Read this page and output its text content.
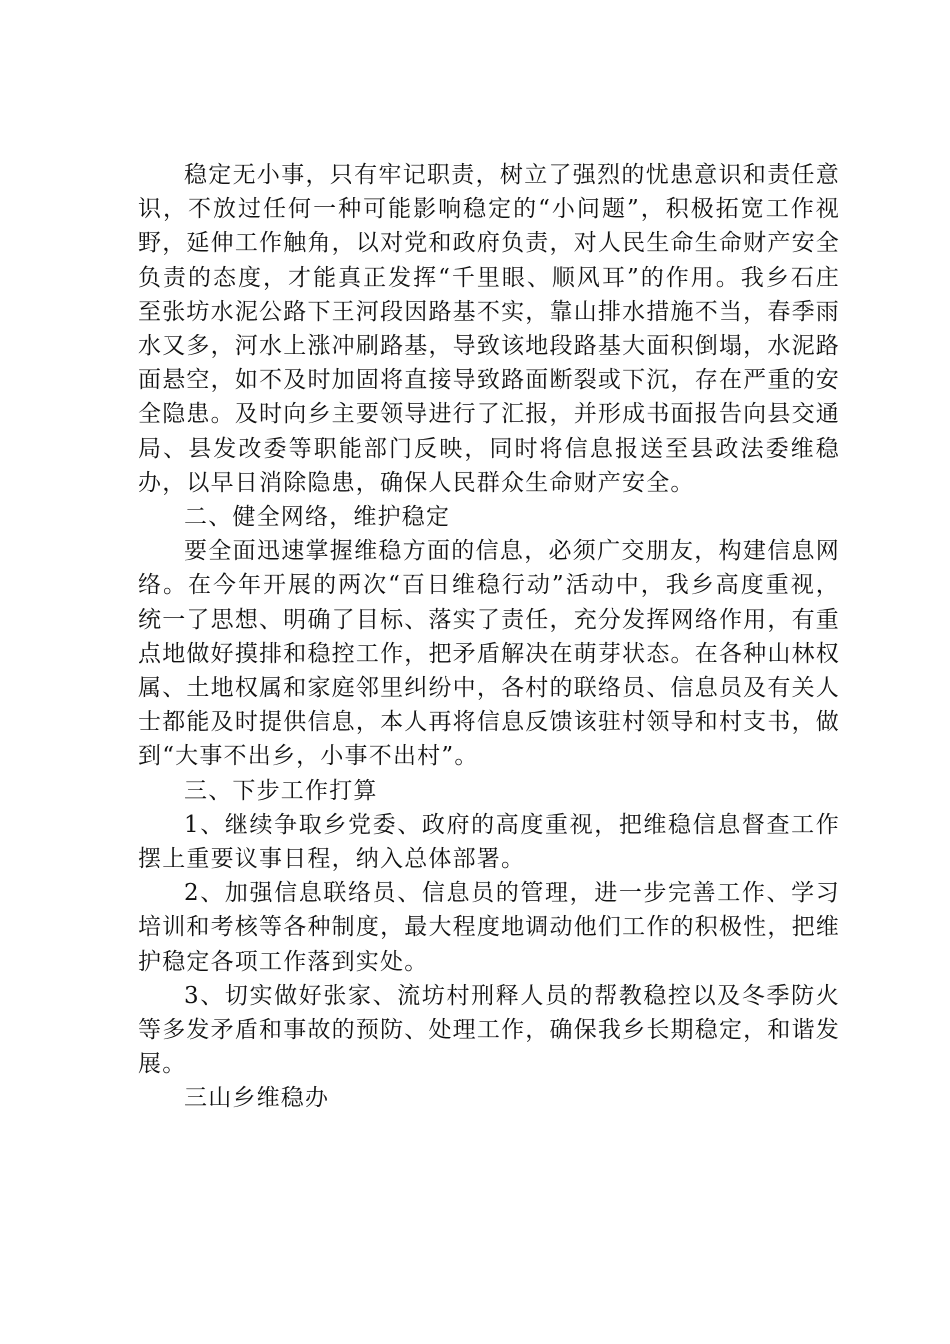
稳定无小事，只有牢记职责，树立了强烈的忧患意识和责任意识，不放过任何一种可能影响稳定的“小问题”，积极拓宽工作视野，延伸工作触角，以对党和政府负责，对人民生命生命财产安全负责的态度，才能真正发挥“千里眼、顺风耳”的作用。我乡石庄至张坊水泥公路下王河段因路基不实，靠山排水措施不当，春季雨水又多，河水上涨冲刷路基，导致该地段路基大面积倒塌，水泥路面悬空，如不及时加固将直接导致路面断裂或下沉，存在严重的安全隐患。及时向乡主要领导进行了汇报，并形成书面报告向县交通局、县发改委等职能部门反映，同时将信息报送至县政法委维稳办，以早日消除隐患，确保人民群众生命财产安全。

二、健全网络，维护稳定

要全面迅速掌握维稳方面的信息，必须广交朋友，构建信息网络。在今年开展的两次“百日维稳行动”活动中，我乡高度重视，统一了思想、明确了目标、落实了责任，充分发挥网络作用，有重点地做好摸排和稳控工作，把矛盾解决在萌芽状态。在各种山林权属、土地权属和家庭邻里纠纷中，各村的联络员、信息员及有关人士都能及时提供信息，本人再将信息反馈该驻村领导和村支书，做到“大事不出乡，小事不出村”。

三、下步工作打算

1、继续争取乡党委、政府的高度重视，把维稳信息督查工作摆上重要议事日程，纳入总体部署。

2、加强信息联络员、信息员的管理，进一步完善工作、学习培训和考核等各种制度，最大程度地调动他们工作的积极性，把维护稳定各项工作落到实处。

3、切实做好张家、流坊村刑释人员的帮教稳控以及冬季防火等多发矛盾和事故的预防、处理工作，确保我乡长期稳定，和谐发展。

三山乡维稳办
